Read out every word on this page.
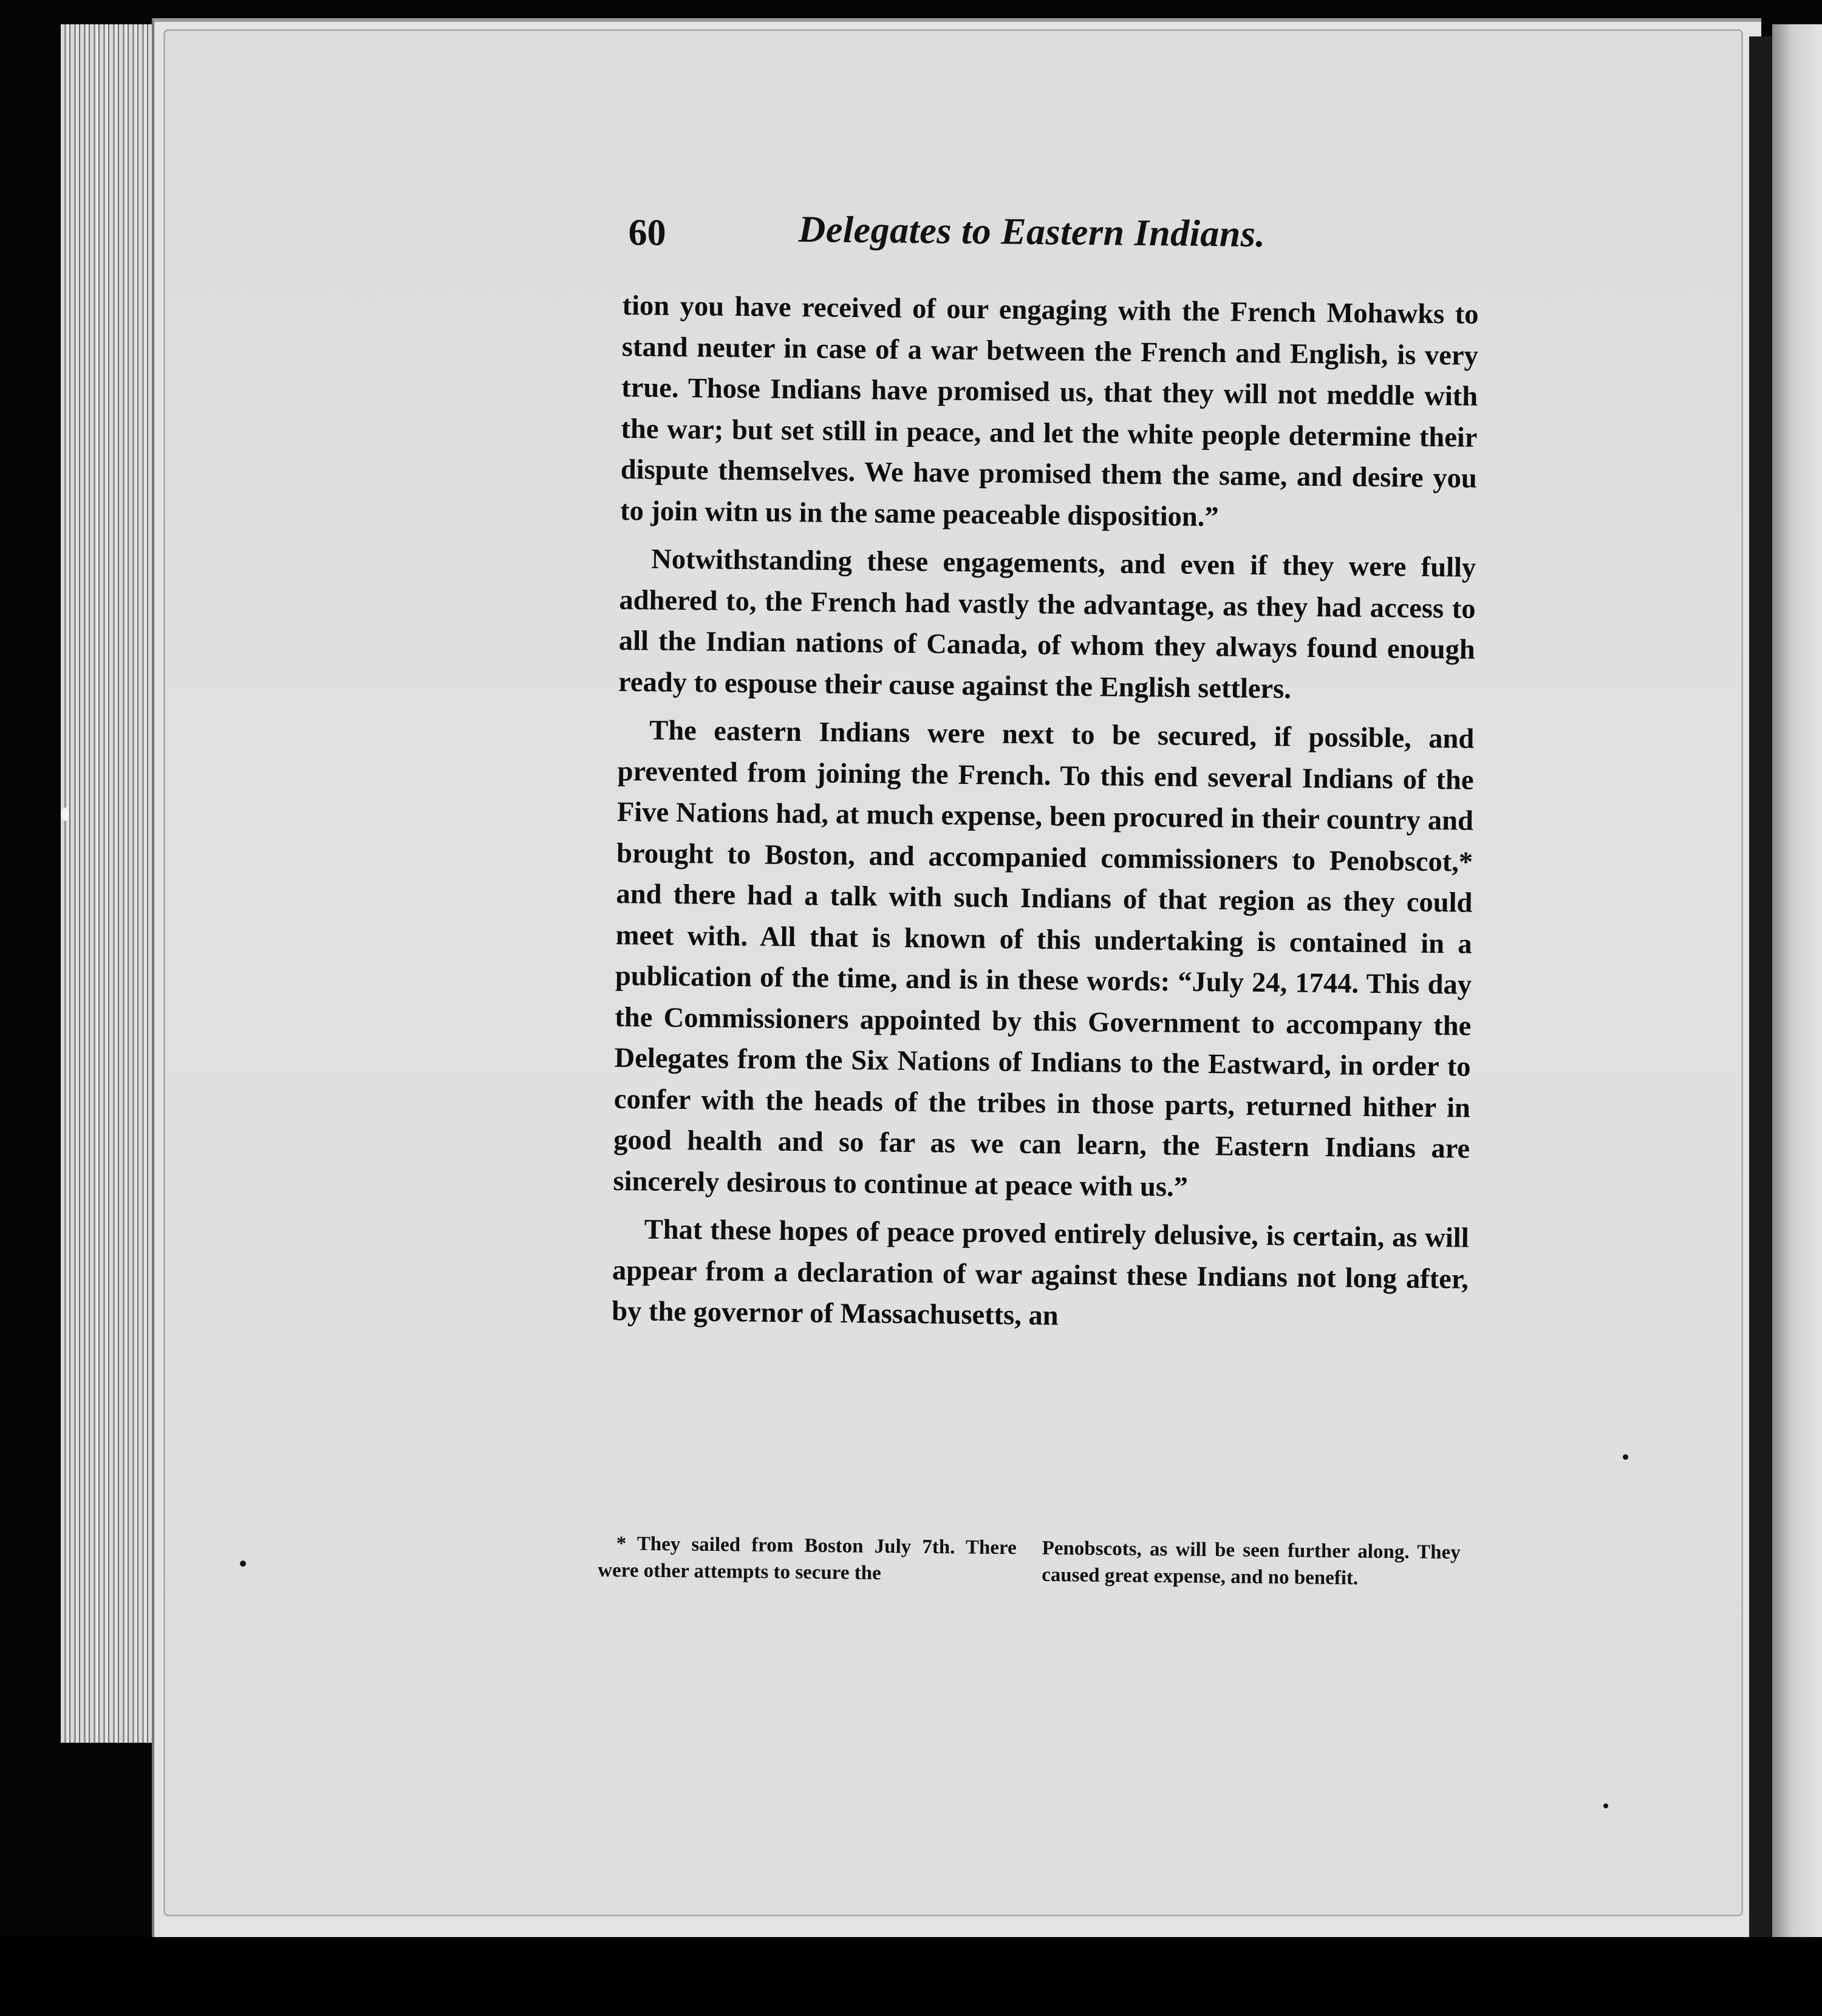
60	Delegates to Eastern Indians.

tion you have received of our engaging with the French Mohawks to stand neuter in case of a war between the French and English, is very true. Those Indians have promised us, that they will not meddle with the war; but set still in peace, and let the white people determine their dispute themselves. We have promised them the same, and desire you to join witn us in the same peaceable disposition.”

Notwithstanding these engagements, and even if they were fully adhered to, the French had vastly the advantage, as they had access to all the Indian nations of Canada, of whom they always found enough ready to espouse their cause against the English settlers.

The eastern Indians were next to be secured, if possible, and prevented from joining the French. To this end several Indians of the Five Nations had, at much expense, been procured in their country and brought to Boston, and accompanied commissioners to Penobscot,* and there had a talk with such Indians of that region as they could meet with. All that is known of this undertaking is contained in a publication of the time, and is in these words: “July 24, 1744. This day the Commissioners appointed by this Government to accompany the Delegates from the Six Nations of Indians to the Eastward, in order to confer with the heads of the tribes in those parts, returned hither in good health and so far as we can learn, the Eastern Indians are sincerely desirous to continue at peace with us.”

That these hopes of peace proved entirely delusive, is certain, as will appear from a declaration of war against these Indians not long after, by the governor of Massachusetts, an

* They sailed from Boston July 7th. There were other attempts to secure the
Penobscots, as will be seen further along. They caused great expense, and no benefit.
